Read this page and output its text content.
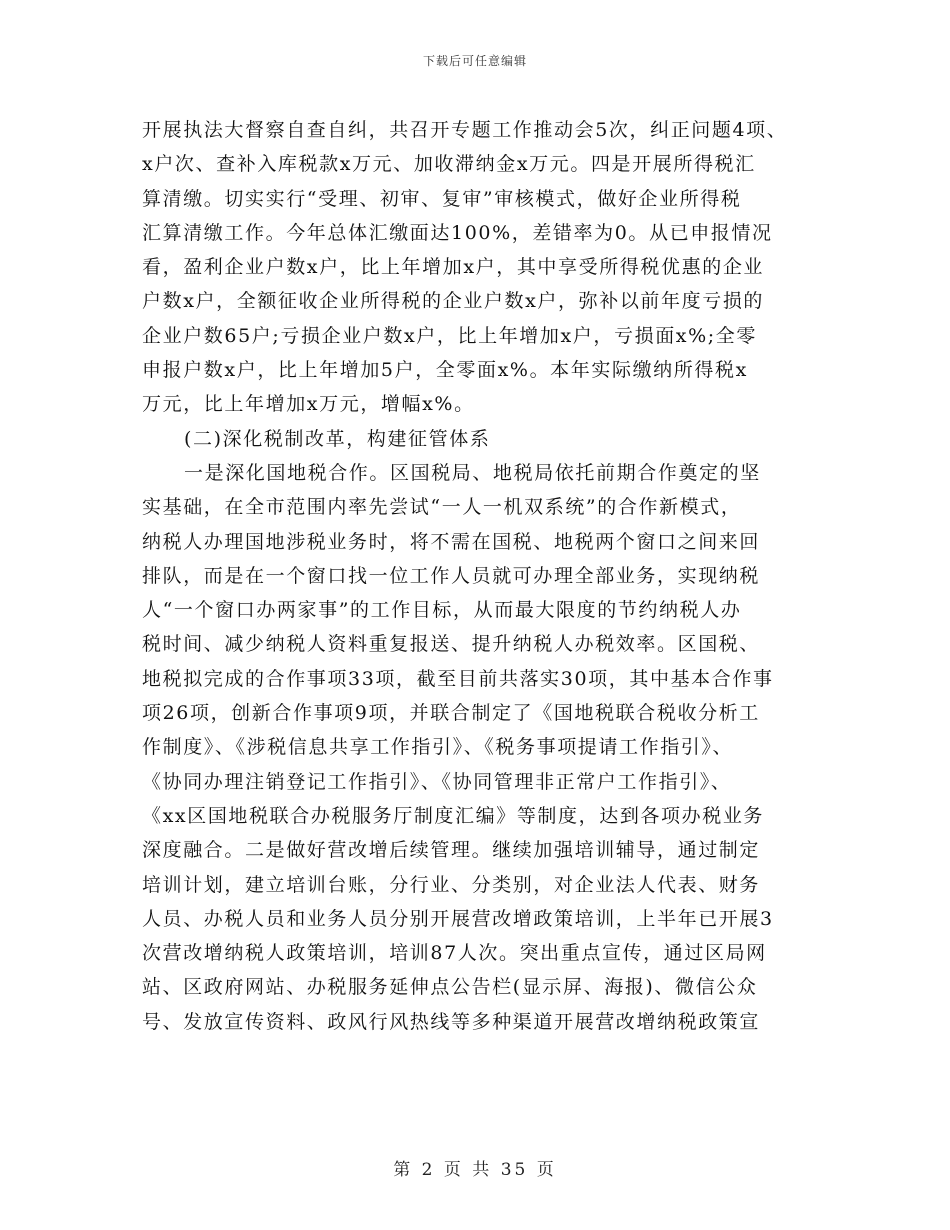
下载后可任意编辑
开展执法大督察自查自纠，共召开专题工作推动会5次，纠正问题4项、
x户次、查补入库税款x万元、加收滞纳金x万元。四是开展所得税汇
算清缴。切实实行“受理、初审、复审”审核模式，做好企业所得税
汇算清缴工作。今年总体汇缴面达100%，差错率为0。从已申报情况
看，盈利企业户数x户，比上年增加x户，其中享受所得税优惠的企业
户数x户，全额征收企业所得税的企业户数x户，弥补以前年度亏损的
企业户数65户;亏损企业户数x户，比上年增加x户，亏损面x%;全零
申报户数x户，比上年增加5户，全零面x%。本年实际缴纳所得税x
万元，比上年增加x万元，增幅x%。
(二)深化税制改革，构建征管体系
一是深化国地税合作。区国税局、地税局依托前期合作奠定的坚
实基础，在全市范围内率先尝试“一人一机双系统”的合作新模式，
纳税人办理国地涉税业务时，将不需在国税、地税两个窗口之间来回
排队，而是在一个窗口找一位工作人员就可办理全部业务，实现纳税
人“一个窗口办两家事”的工作目标，从而最大限度的节约纳税人办
税时间、减少纳税人资料重复报送、提升纳税人办税效率。区国税、
地税拟完成的合作事项33项，截至目前共落实30项，其中基本合作事
项26项，创新合作事项9项，并联合制定了《国地税联合税收分析工
作制度》、《涉税信息共享工作指引》、《税务事项提请工作指引》、
《协同办理注销登记工作指引》、《协同管理非正常户工作指引》、
《xx区国地税联合办税服务厅制度汇编》等制度，达到各项办税业务
深度融合。二是做好营改增后续管理。继续加强培训辅导，通过制定
培训计划，建立培训台账，分行业、分类别，对企业法人代表、财务
人员、办税人员和业务人员分别开展营改增政策培训，上半年已开展3
次营改增纳税人政策培训，培训87人次。突出重点宣传，通过区局网
站、区政府网站、办税服务延伸点公告栏(显示屏、海报)、微信公众
号、发放宣传资料、政风行风热线等多种渠道开展营改增纳税政策宣
第 2 页 共 35 页
